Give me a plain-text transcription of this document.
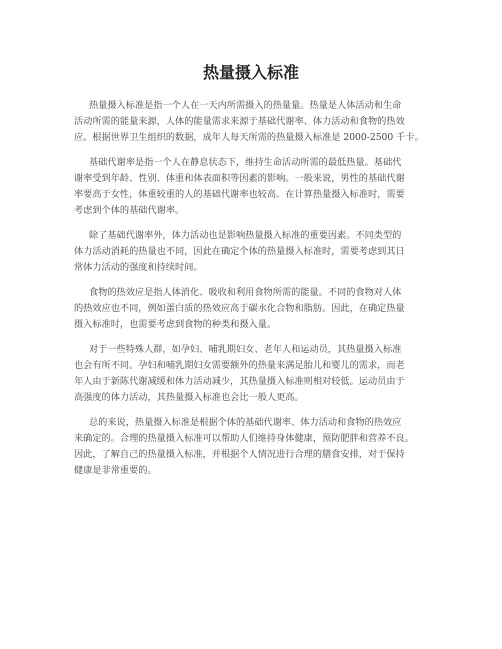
热量摄入标准

热量摄入标准是指一个人在一天内所需摄入的热量量。热量是人体活动和生命
活动所需的能量来源，人体的能量需求来源于基础代谢率、体力活动和食物的热效
应。根据世界卫生组织的数据，成年人每天所需的热量摄入标准是 2000-2500 千卡。

基础代谢率是指一个人在静息状态下，维持生命活动所需的最低热量。基础代
谢率受到年龄、性别、体重和体表面积等因素的影响。一般来说，男性的基础代谢
率要高于女性，体重较重的人的基础代谢率也较高。在计算热量摄入标准时，需要
考虑到个体的基础代谢率。

除了基础代谢率外，体力活动也是影响热量摄入标准的重要因素。不同类型的
体力活动消耗的热量也不同，因此在确定个体的热量摄入标准时，需要考虑到其日
常体力活动的强度和持续时间。

食物的热效应是指人体消化、吸收和利用食物所需的能量。不同的食物对人体
的热效应也不同，例如蛋白质的热效应高于碳水化合物和脂肪。因此，在确定热量
摄入标准时，也需要考虑到食物的种类和摄入量。

对于一些特殊人群，如孕妇、哺乳期妇女、老年人和运动员，其热量摄入标准
也会有所不同。孕妇和哺乳期妇女需要额外的热量来满足胎儿和婴儿的需求，而老
年人由于新陈代谢减缓和体力活动减少，其热量摄入标准则相对较低。运动员由于
高强度的体力活动，其热量摄入标准也会比一般人更高。

总的来说，热量摄入标准是根据个体的基础代谢率、体力活动和食物的热效应
来确定的。合理的热量摄入标准可以帮助人们维持身体健康，预防肥胖和营养不良。
因此，了解自己的热量摄入标准，并根据个人情况进行合理的膳食安排，对于保持
健康是非常重要的。
